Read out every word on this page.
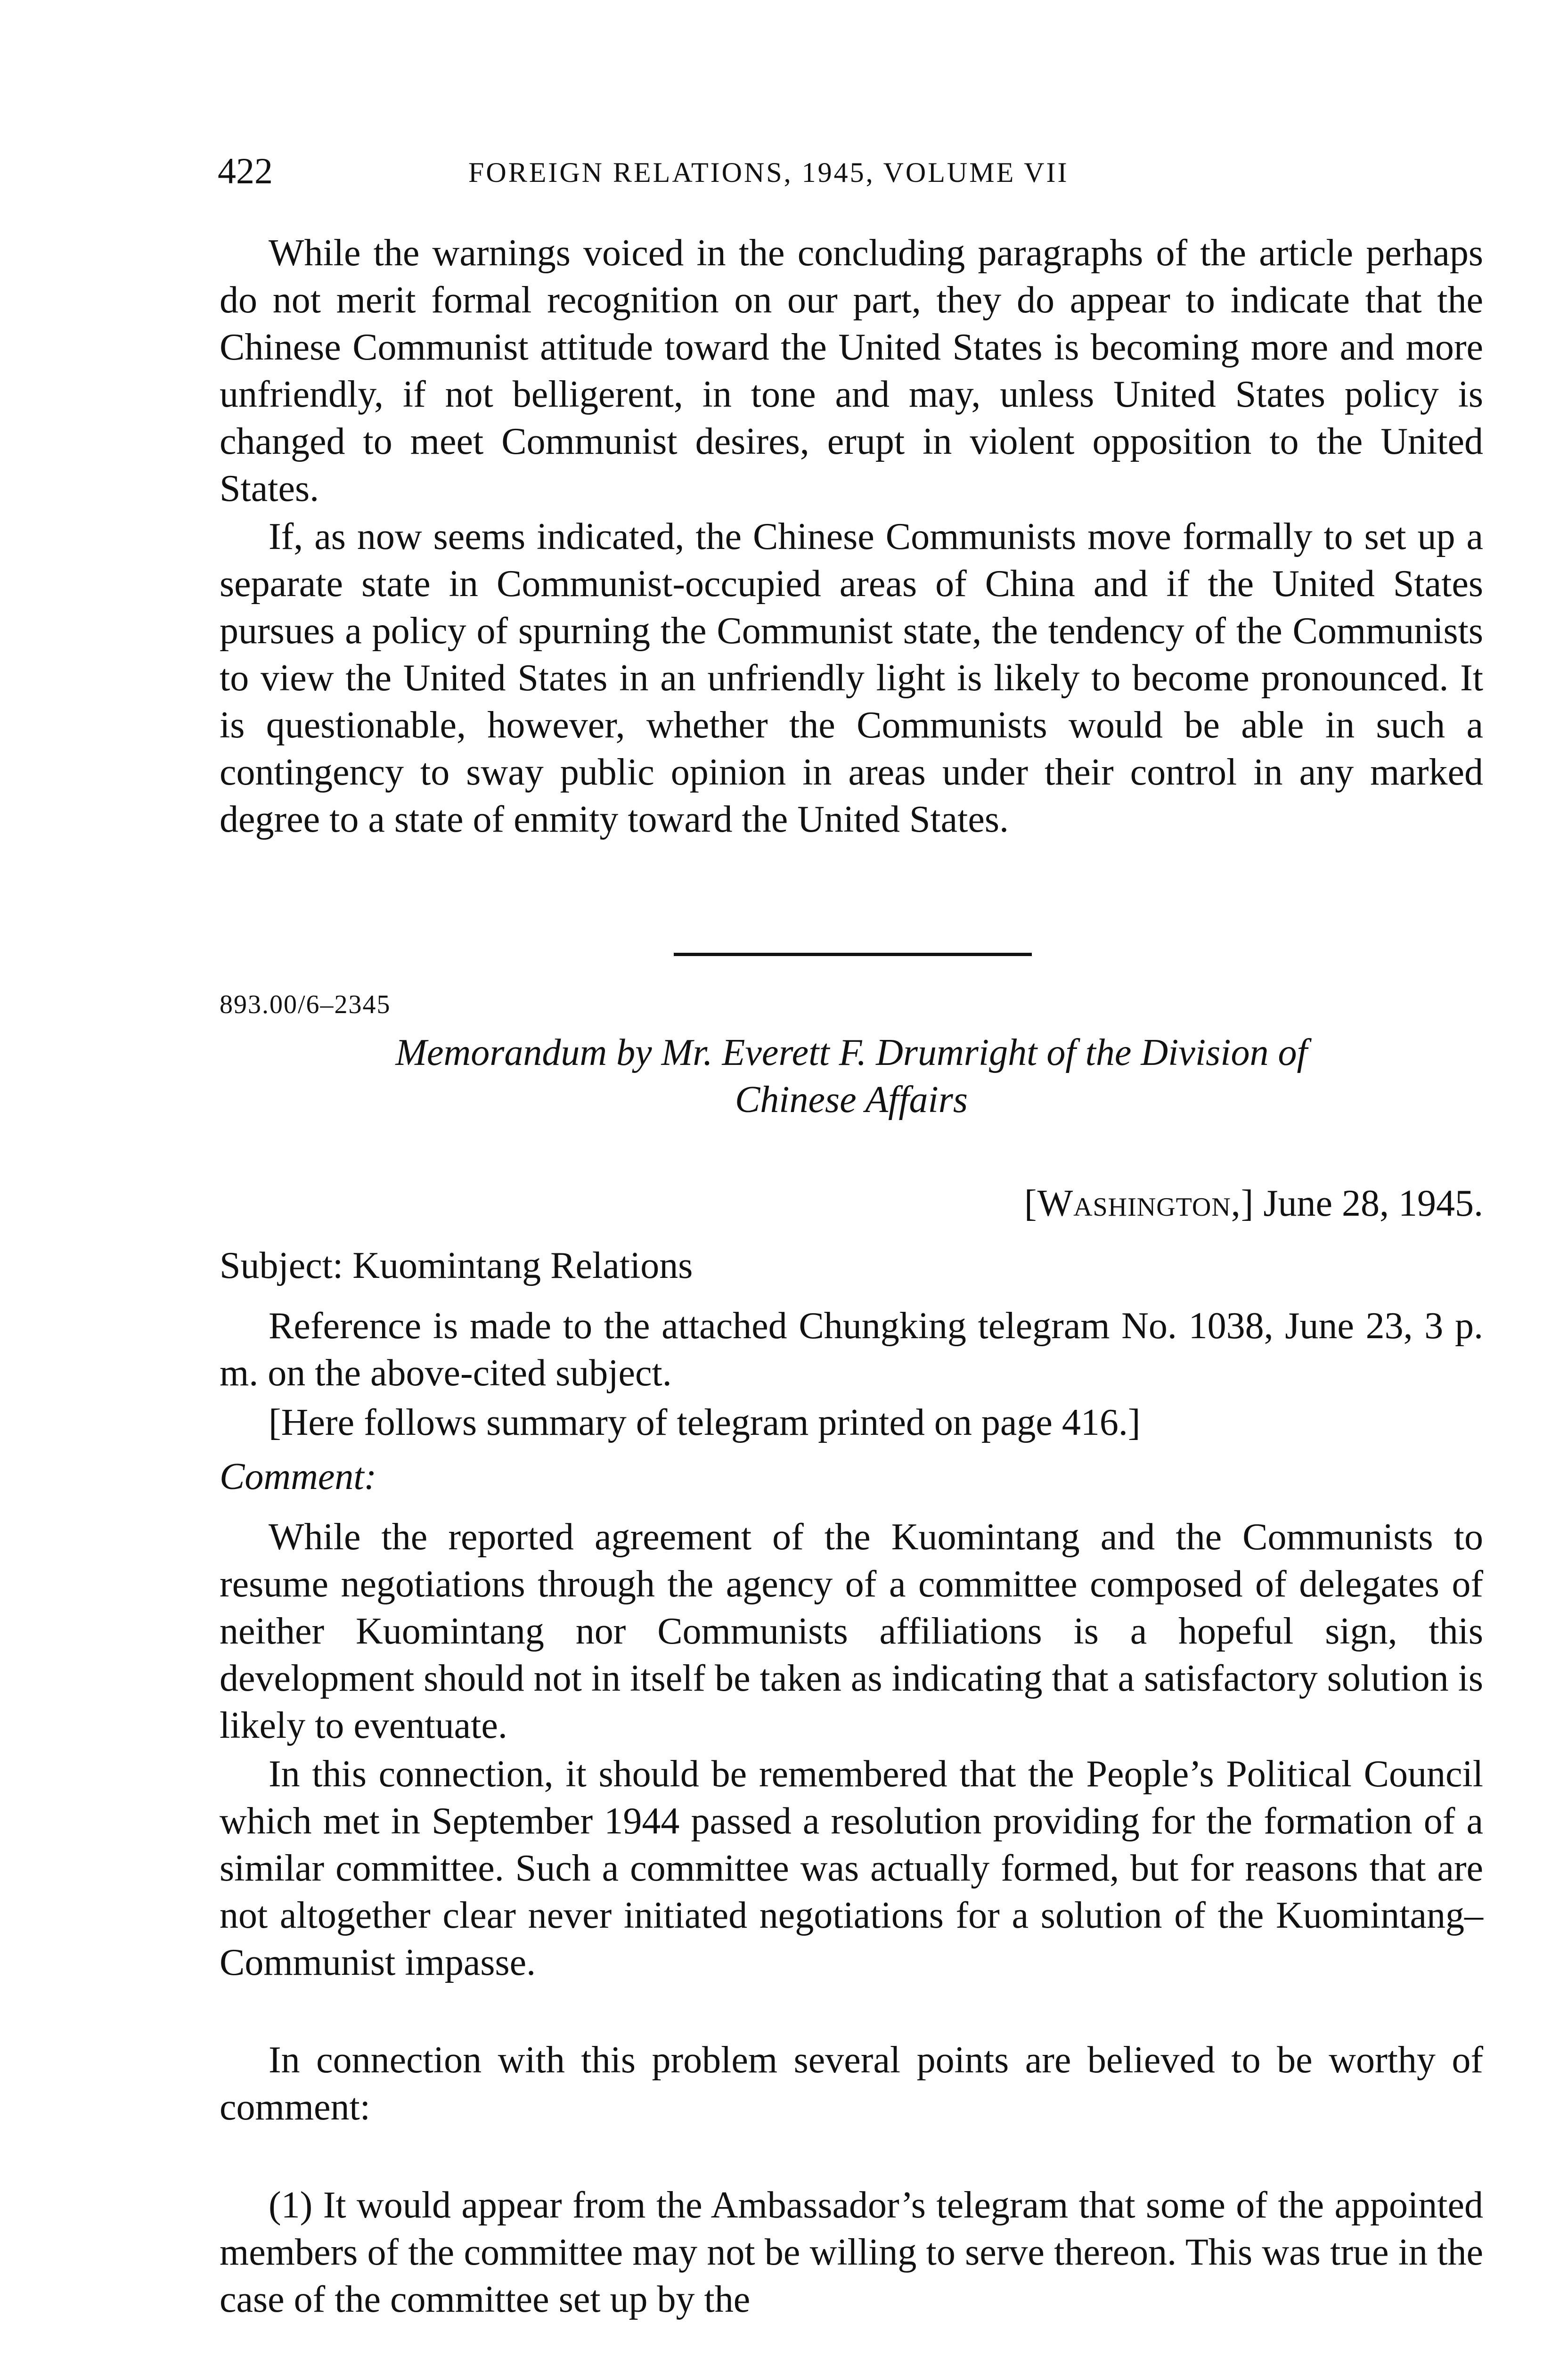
422	FOREIGN RELATIONS, 1945, VOLUME VII

While the warnings voiced in the concluding paragraphs of the article perhaps do not merit formal recognition on our part, they do appear to indicate that the Chinese Communist attitude toward the United States is becoming more and more unfriendly, if not belligerent, in tone and may, unless United States policy is changed to meet Communist desires, erupt in violent opposition to the United States.

If, as now seems indicated, the Chinese Communists move formally to set up a separate state in Communist-occupied areas of China and if the United States pursues a policy of spurning the Communist state, the tendency of the Communists to view the United States in an unfriendly light is likely to become pronounced. It is questionable, however, whether the Communists would be able in such a contingency to sway public opinion in areas under their control in any marked degree to a state of enmity toward the United States.

893.00/6–2345

Memorandum by Mr. Everett F. Drumright of the Division of
Chinese Affairs

[Washington,] June 28, 1945.

Subject: Kuomintang Relations

Reference is made to the attached Chungking telegram No. 1038, June 23, 3 p. m. on the above-cited subject.

[Here follows summary of telegram printed on page 416.]

Comment:

While the reported agreement of the Kuomintang and the Communists to resume negotiations through the agency of a committee composed of delegates of neither Kuomintang nor Communists affiliations is a hopeful sign, this development should not in itself be taken as indicating that a satisfactory solution is likely to eventuate.

In this connection, it should be remembered that the People’s Political Council which met in September 1944 passed a resolution providing for the formation of a similar committee. Such a committee was actually formed, but for reasons that are not altogether clear never initiated negotiations for a solution of the Kuomintang–Communist impasse.

In connection with this problem several points are believed to be worthy of comment:

(1) It would appear from the Ambassador’s telegram that some of the appointed members of the committee may not be willing to serve thereon. This was true in the case of the committee set up by the
